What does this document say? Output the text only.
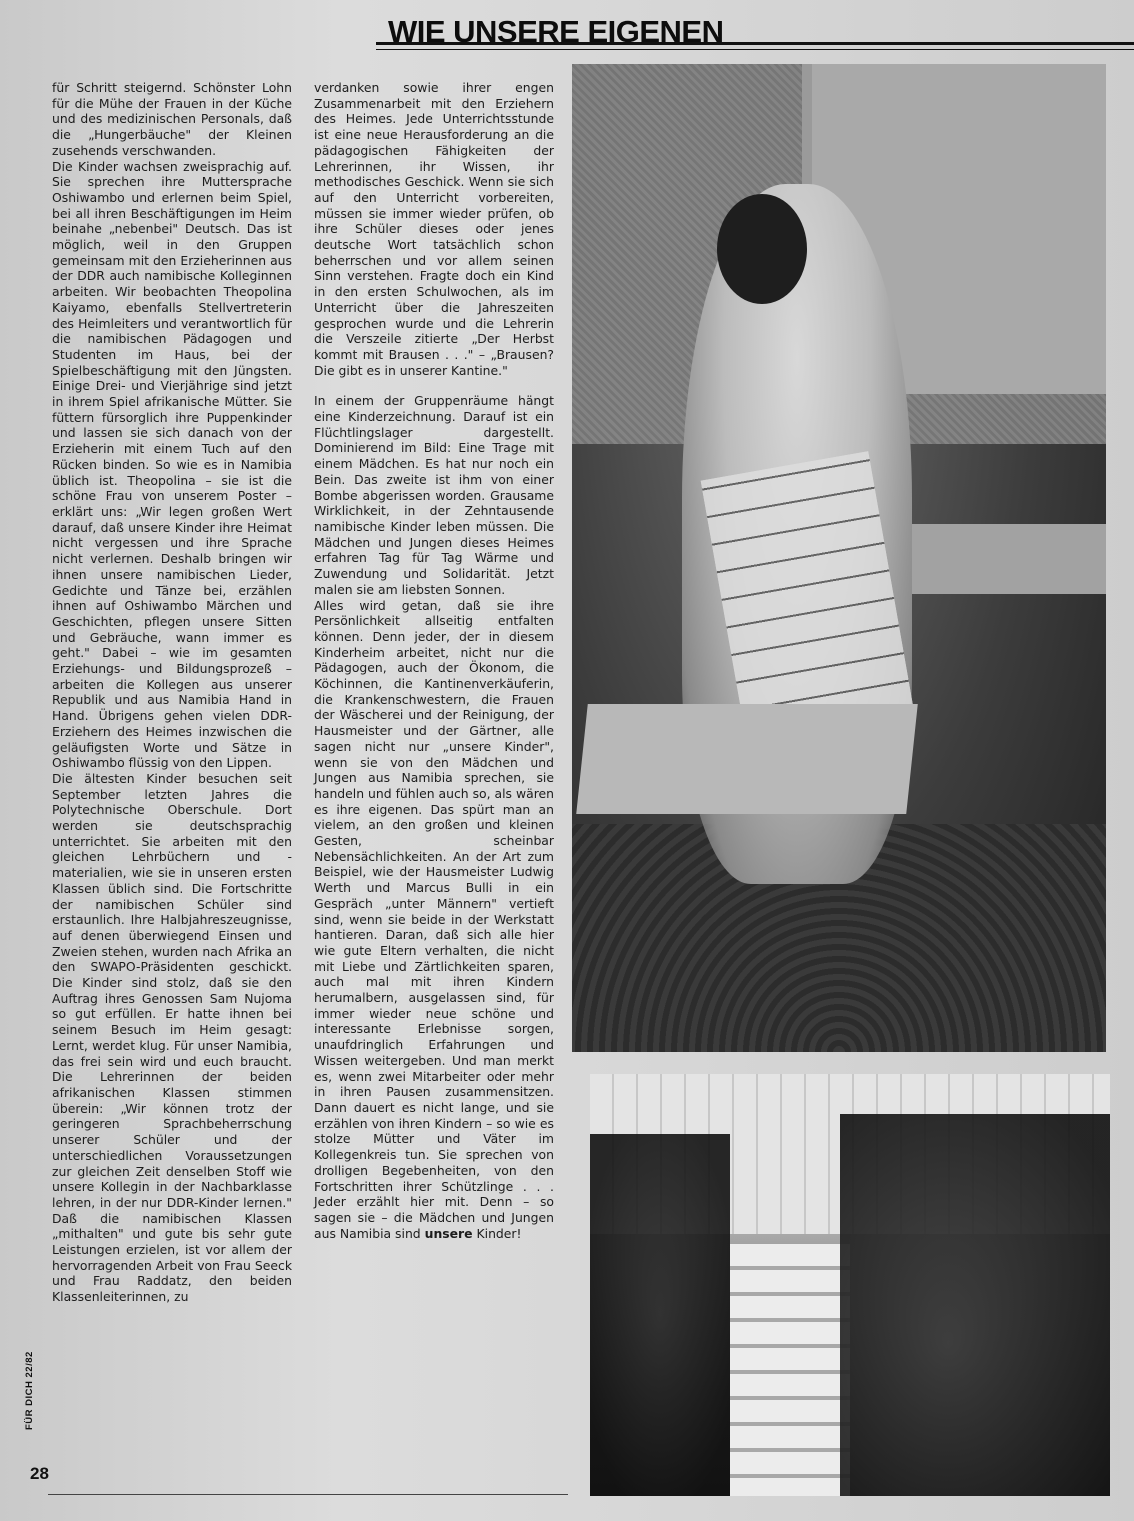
WIE UNSERE EIGENEN

für Schritt steigernd. Schönster Lohn für die Mühe der Frauen in der Küche und des medizinischen Personals, daß die „Hungerbäuche" der Kleinen zusehends verschwanden.

Die Kinder wachsen zweisprachig auf. Sie sprechen ihre Muttersprache Oshiwambo und erlernen beim Spiel, bei all ihren Beschäftigungen im Heim beinahe „nebenbei" Deutsch. Das ist möglich, weil in den Gruppen gemeinsam mit den Erzieherinnen aus der DDR auch namibische Kolleginnen arbeiten. Wir beobachten Theopolina Kaiyamo, ebenfalls Stellvertreterin des Heimleiters und verantwortlich für die namibischen Pädagogen und Studenten im Haus, bei der Spielbeschäftigung mit den Jüngsten. Einige Drei- und Vierjährige sind jetzt in ihrem Spiel afrikanische Mütter. Sie füttern fürsorglich ihre Puppenkinder und lassen sie sich danach von der Erzieherin mit einem Tuch auf den Rücken binden. So wie es in Namibia üblich ist. Theopolina – sie ist die schöne Frau von unserem Poster – erklärt uns: „Wir legen großen Wert darauf, daß unsere Kinder ihre Heimat nicht vergessen und ihre Sprache nicht verlernen. Deshalb bringen wir ihnen unsere namibischen Lieder, Gedichte und Tänze bei, erzählen ihnen auf Oshiwambo Märchen und Geschichten, pflegen unsere Sitten und Gebräuche, wann immer es geht." Dabei – wie im gesamten Erziehungs- und Bildungsprozeß – arbeiten die Kollegen aus unserer Republik und aus Namibia Hand in Hand. Übrigens gehen vielen DDR-Erziehern des Heimes inzwischen die geläufigsten Worte und Sätze in Oshiwambo flüssig von den Lippen.

Die ältesten Kinder besuchen seit September letzten Jahres die Polytechnische Oberschule. Dort werden sie deutschsprachig unterrichtet. Sie arbeiten mit den gleichen Lehrbüchern und -materialien, wie sie in unseren ersten Klassen üblich sind. Die Fortschritte der namibischen Schüler sind erstaunlich. Ihre Halbjahreszeugnisse, auf denen überwiegend Einsen und Zweien stehen, wurden nach Afrika an den SWAPO-Präsidenten geschickt. Die Kinder sind stolz, daß sie den Auftrag ihres Genossen Sam Nujoma so gut erfüllen. Er hatte ihnen bei seinem Besuch im Heim gesagt: Lernt, werdet klug. Für unser Namibia, das frei sein wird und euch braucht. Die Lehrerinnen der beiden afrikanischen Klassen stimmen überein: „Wir können trotz der geringeren Sprachbeherrschung unserer Schüler und der unterschiedlichen Voraussetzungen zur gleichen Zeit denselben Stoff wie unsere Kollegin in der Nachbarklasse lehren, in der nur DDR-Kinder lernen." Daß die namibischen Klassen „mithalten" und gute bis sehr gute Leistungen erzielen, ist vor allem der hervorragenden Arbeit von Frau Seeck und Frau Raddatz, den beiden Klassenleiterinnen, zu

verdanken sowie ihrer engen Zusammenarbeit mit den Erziehern des Heimes. Jede Unterrichtsstunde ist eine neue Herausforderung an die pädagogischen Fähigkeiten der Lehrerinnen, ihr Wissen, ihr methodisches Geschick. Wenn sie sich auf den Unterricht vorbereiten, müssen sie immer wieder prüfen, ob ihre Schüler dieses oder jenes deutsche Wort tatsächlich schon beherrschen und vor allem seinen Sinn verstehen. Fragte doch ein Kind in den ersten Schulwochen, als im Unterricht über die Jahreszeiten gesprochen wurde und die Lehrerin die Verszeile zitierte „Der Herbst kommt mit Brausen . . ." – „Brausen? Die gibt es in unserer Kantine."

In einem der Gruppenräume hängt eine Kinderzeichnung. Darauf ist ein Flüchtlingslager dargestellt. Dominierend im Bild: Eine Trage mit einem Mädchen. Es hat nur noch ein Bein. Das zweite ist ihm von einer Bombe abgerissen worden. Grausame Wirklichkeit, in der Zehntausende namibische Kinder leben müssen. Die Mädchen und Jungen dieses Heimes erfahren Tag für Tag Wärme und Zuwendung und Solidarität. Jetzt malen sie am liebsten Sonnen.

Alles wird getan, daß sie ihre Persönlichkeit allseitig entfalten können. Denn jeder, der in diesem Kinderheim arbeitet, nicht nur die Pädagogen, auch der Ökonom, die Köchinnen, die Kantinenverkäuferin, die Krankenschwestern, die Frauen der Wäscherei und der Reinigung, der Hausmeister und der Gärtner, alle sagen nicht nur „unsere Kinder", wenn sie von den Mädchen und Jungen aus Namibia sprechen, sie handeln und fühlen auch so, als wären es ihre eigenen. Das spürt man an vielem, an den großen und kleinen Gesten, scheinbar Nebensächlichkeiten. An der Art zum Beispiel, wie der Hausmeister Ludwig Werth und Marcus Bulli in ein Gespräch „unter Männern" vertieft sind, wenn sie beide in der Werkstatt hantieren. Daran, daß sich alle hier wie gute Eltern verhalten, die nicht mit Liebe und Zärtlichkeiten sparen, auch mal mit ihren Kindern herumalbern, ausgelassen sind, für immer wieder neue schöne und interessante Erlebnisse sorgen, unaufdringlich Erfahrungen und Wissen weitergeben. Und man merkt es, wenn zwei Mitarbeiter oder mehr in ihren Pausen zusammensitzen. Dann dauert es nicht lange, und sie erzählen von ihren Kindern – so wie es stolze Mütter und Väter im Kollegenkreis tun. Sie sprechen von drolligen Begebenheiten, von den Fortschritten ihrer Schützlinge . . . Jeder erzählt hier mit. Denn – so sagen sie – die Mädchen und Jungen aus Namibia sind unsere Kinder!

FÜR DICH 22/82
28
